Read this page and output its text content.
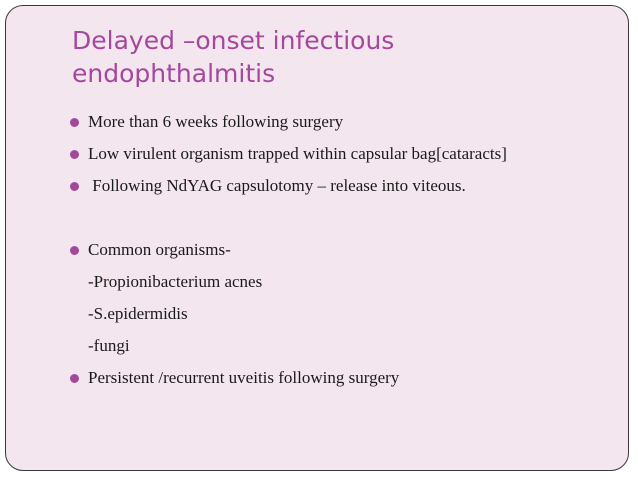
Delayed –onset infectious endophthalmitis
More than 6 weeks following surgery
Low virulent organism trapped within capsular bag[cataracts]
Following NdYAG capsulotomy – release into viteous.
Common organisms-
-Propionibacterium acnes
-S.epidermidis
-fungi
Persistent /recurrent uveitis following surgery
